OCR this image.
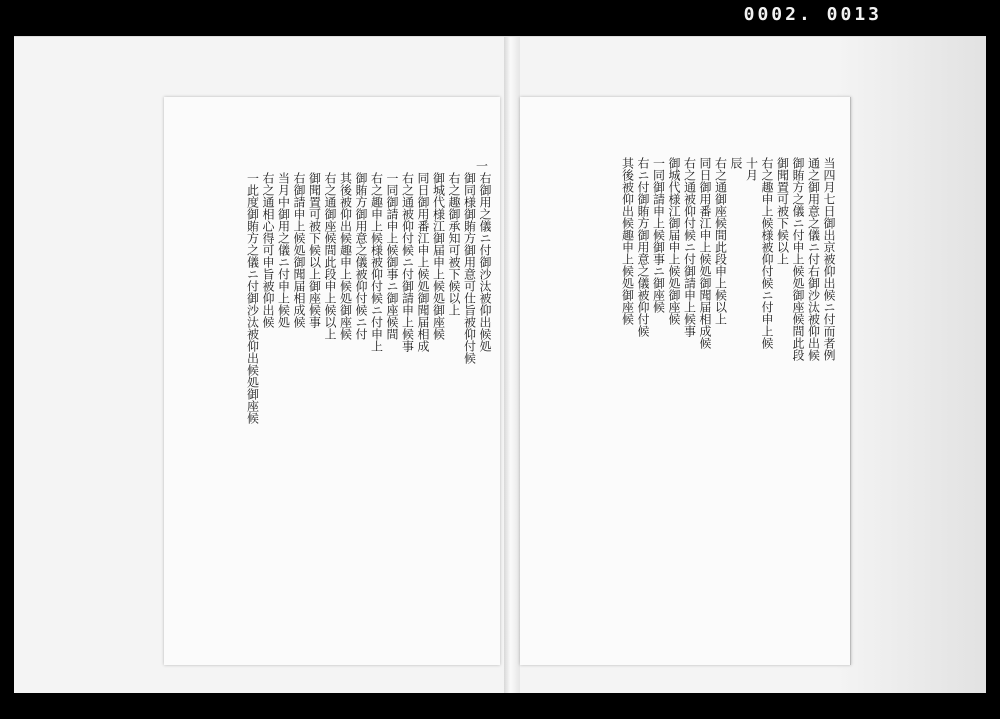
0002. 0013
一
右御用之儀ニ付御沙汰被仰出候処
御同様御賄方御用意可仕旨被仰付候
右之趣御承知可被下候以上
御城代様江御届申上候処御座候
同日御用番江申上候処御聞届相成
右之通被仰付候ニ付御請申上候事
一同御請申上候御事ニ御座候間
右之趣申上候様被仰付候ニ付申上
御賄方御用意之儀被仰付候ニ付
其後被仰出候趣申上候処御座候
右之通御座候間此段申上候以上
御聞置可被下候以上御座候事
右御請申上候処御聞届相成候
当月中御用之儀ニ付申上候処
右之通相心得可申旨被仰出候
一此度御賄方之儀ニ付御沙汰被仰出候処御座候	当四月七日御出京被仰出候ニ付而者例
通之御用意之儀ニ付右御沙汰被仰出候
御賄方之儀ニ付申上候処御座候間此段
御聞置可被下候以上
右之趣申上候様被仰付候ニ付申上候
十月
辰
右之通御座候間此段申上候以上
同日御用番江申上候処御聞届相成候
右之通被仰付候ニ付御請申上候事
御城代様江御届申上候処御座候
一同御請申上候御事ニ御座候
右ニ付御賄方御用意之儀被仰付候
其後被仰出候趣申上候処御座候
